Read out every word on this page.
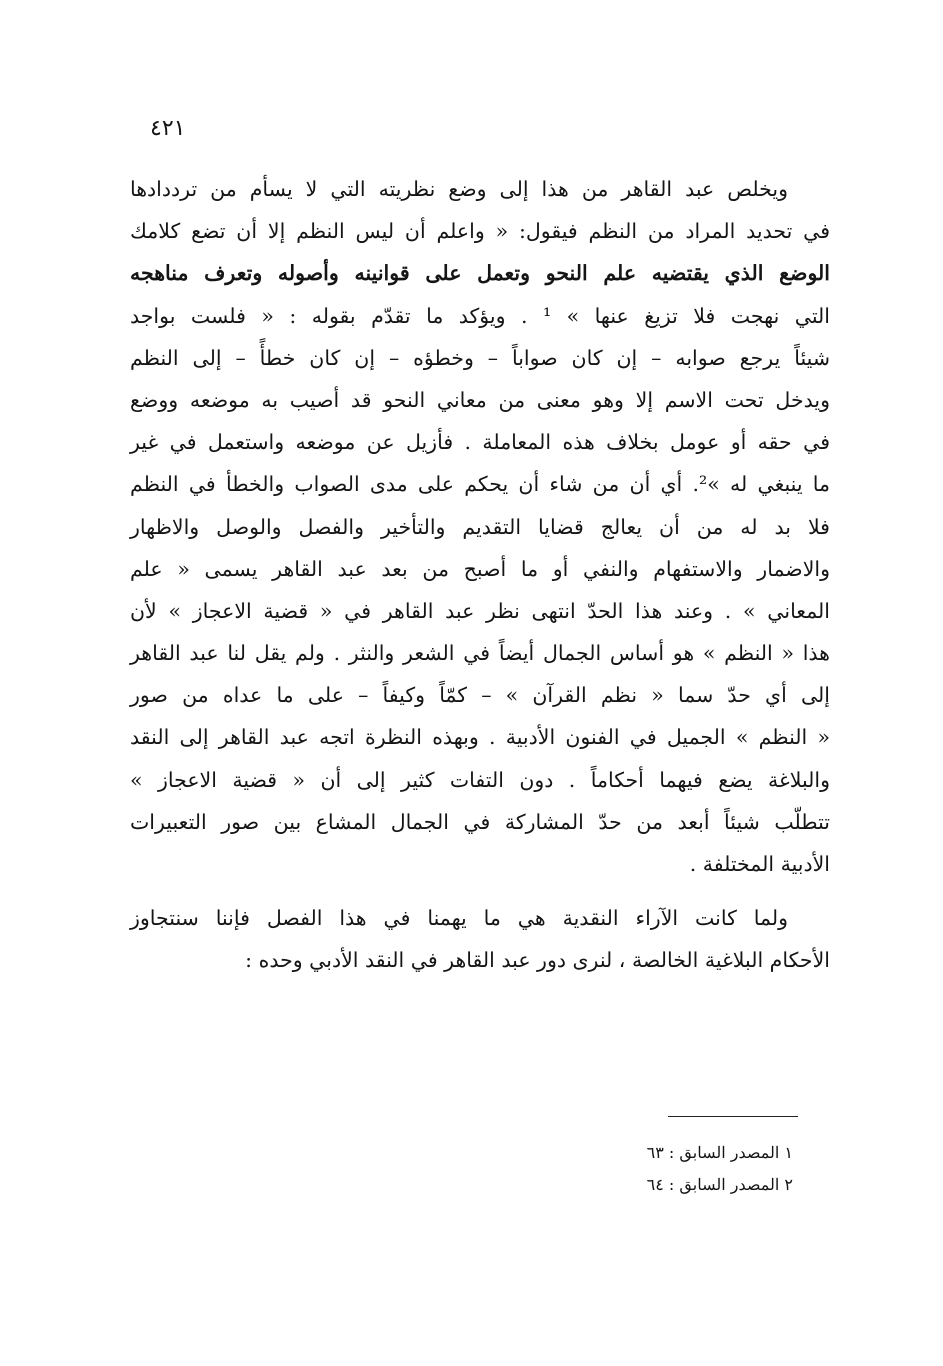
٤٢١
ويخلص عبد القاهر من هذا إلى وضع نظريته التي لا يسأم من ترددادها
في تحديد المراد من النظم فيقول: « واعلم أن ليس النظم إلا أن تضع كلامك
الوضع الذي يقتضيه علم النحو وتعمل على قوانينه وأصوله وتعرف مناهجه
التي نهجت فلا تزيغ عنها » ¹ . ويؤكد ما تقدّم بقوله : « فلست بواجد
شيئاً يرجع صوابه – إن كان صواباً – وخطؤه – إن كان خطأً – إلى النظم
ويدخل تحت الاسم إلا وهو معنى من معاني النحو قد أصيب به موضعه ووضع
في حقه أو عومل بخلاف هذه المعاملة . فأزيل عن موضعه واستعمل في غير
ما ينبغي له »². أي أن من شاء أن يحكم على مدى الصواب والخطأ في النظم
فلا بد له من أن يعالج قضايا التقديم والتأخير والفصل والوصل والاظهار
والاضمار والاستفهام والنفي أو ما أصبح من بعد عبد القاهر يسمى « علم
المعاني » . وعند هذا الحدّ انتهى نظر عبد القاهر في « قضية الاعجاز » لأن
هذا « النظم » هو أساس الجمال أيضاً في الشعر والنثر . ولم يقل لنا عبد القاهر
إلى أي حدّ سما « نظم القرآن » – كمّاً وكيفاً – على ما عداه من صور
« النظم » الجميل في الفنون الأدبية . وبهذه النظرة اتجه عبد القاهر إلى النقد
والبلاغة يضع فيهما أحكاماً . دون التفات كثير إلى أن « قضية الاعجاز »
تتطلّب شيئاً أبعد من حدّ المشاركة في الجمال المشاع بين صور التعبيرات
الأدبية المختلفة .
ولما كانت الآراء النقدية هي ما يهمنا في هذا الفصل فإننا سنتجاوز
الأحكام البلاغية الخالصة ، لنرى دور عبد القاهر في النقد الأدبي وحده :
١ المصدر السابق : ٦٣
٢ المصدر السابق : ٦٤
